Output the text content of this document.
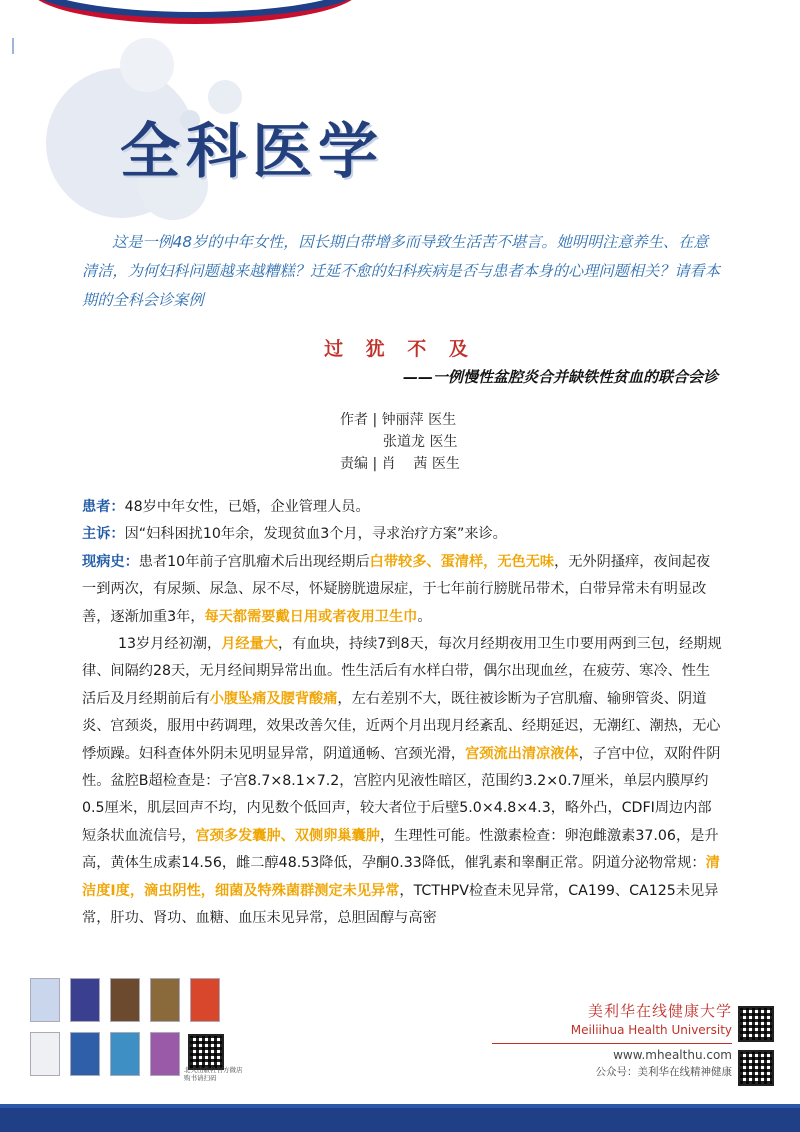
全科医学
这是一例48岁的中年女性，因长期白带增多而导致生活苦不堪言。她明明注意养生、在意清洁，为何妇科问题越来越糟糕？迁延不愈的妇科疾病是否与患者本身的心理问题相关？请看本期的全科会诊案例
过 犹 不 及
——一例慢性盆腔炎合并缺铁性贫血的联合会诊
作者 | 钟丽萍 医生
张道龙 医生
责编 | 肖    茜 医生

患者：48岁中年女性，已婚，企业管理人员。

主诉：因“妇科困扰10年余，发现贫血3个月，寻求治疗方案”来诊。

现病史：患者10年前子宫肌瘤术后出现经期后白带较多、蛋清样，无色无味，无外阴搔痒，夜间起夜一到两次，有尿频、尿急、尿不尽，怀疑膀胱遗尿症，于七年前行膀胱吊带术，白带异常未有明显改善，逐渐加重3年，每天都需要戴日用或者夜用卫生巾。

13岁月经初潮，月经量大，有血块，持续7到8天，每次月经期夜用卫生巾要用两到三包，经期规律、间隔约28天，无月经间期异常出血。性生活后有水样白带，偶尔出现血丝，在疲劳、寒冷、性生活后及月经期前后有小腹坠痛及腰背酸痛，左右差别不大，既往被诊断为子宫肌瘤、输卵管炎、阴道炎、宫颈炎，服用中药调理，效果改善欠佳，近两个月出现月经紊乱、经期延迟，无潮红、潮热，无心悸烦躁。妇科查体外阴未见明显异常，阴道通畅、宫颈光滑，宫颈流出清凉液体，子宫中位，双附件阴性。盆腔B超检查是：子宫8.7×8.1×7.2，宫腔内见液性暗区，范围约3.2×0.7厘米，单层内膜厚约0.5厘米，肌层回声不均，内见数个低回声，较大者位于后壁5.0×4.8×4.3，略外凸，CDFI周边内部短条状血流信号，宫颈多发囊肿、双侧卵巢囊肿，生理性可能。性激素检查：卵泡雌激素37.06，是升高，黄体生成素14.56，雌二醇48.53降低，孕酮0.33降低，催乳素和睾酮正常。阴道分泌物常规：清洁度Ⅰ度，滴虫阴性，细菌及特殊菌群测定未见异常，TCTHPV检查未见异常，CA199、CA125未见异常，肝功、肾功、血糖、血压未见异常，总胆固醇与高密

北大出版社官方微店 购书请扫码
美利华在线健康大学
Meiliihua Health University
www.mhealthu.com
公众号：美利华在线精神健康
